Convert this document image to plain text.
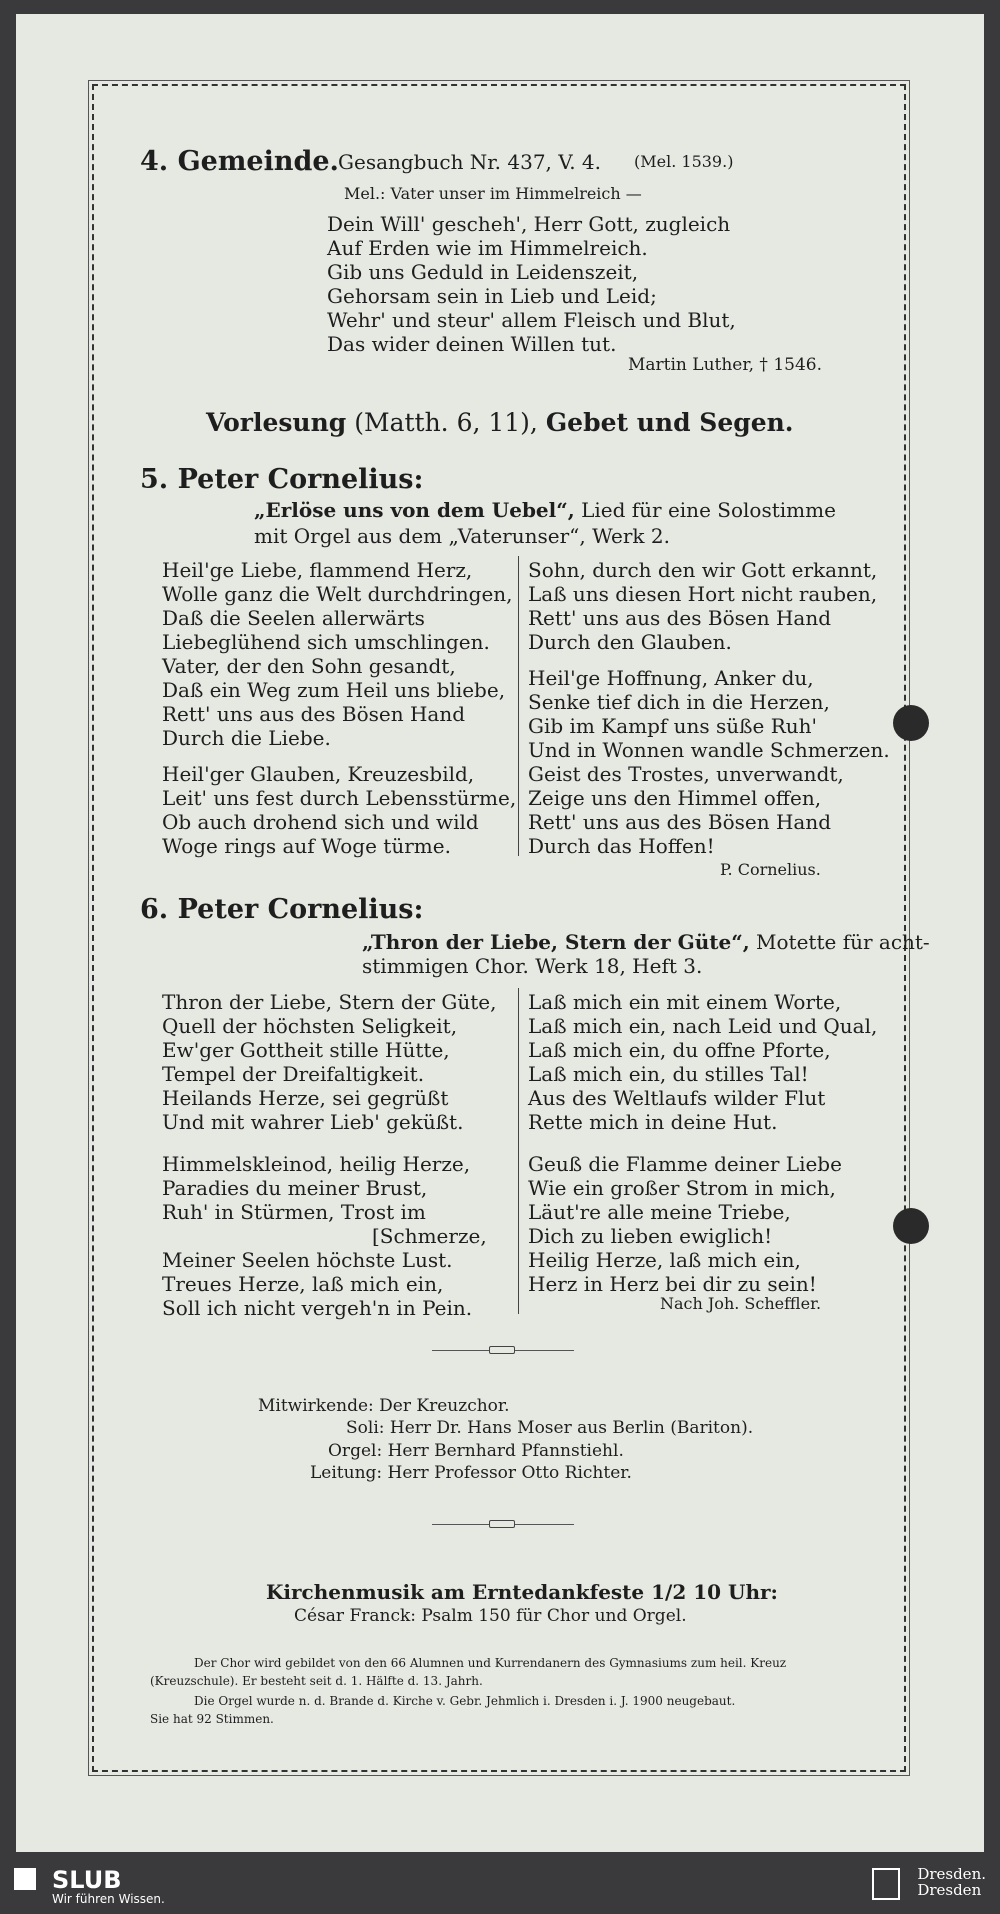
4. Gemeinde. Gesangbuch Nr. 437, V. 4. (Mel. 1539.)
Mel.: Vater unser im Himmelreich —
Dein Will' gescheh', Herr Gott, zugleich
Auf Erden wie im Himmelreich.
Gib uns Geduld in Leidenszeit,
Gehorsam sein in Lieb und Leid;
Wehr' und steur' allem Fleisch und Blut,
Das wider deinen Willen tut.
Martin Luther, † 1546.
Vorlesung (Matth. 6, 11), Gebet und Segen.
5. Peter Cornelius:
„Erlöse uns von dem Uebel“, Lied für eine Solostimme
mit Orgel aus dem „Vaterunser“, Werk 2.
Heil'ge Liebe, flammend Herz,
Wolle ganz die Welt durchdringen,
Daß die Seelen allerwärts
Liebeglühend sich umschlingen.
Vater, der den Sohn gesandt,
Daß ein Weg zum Heil uns bliebe,
Rett' uns aus des Bösen Hand
Durch die Liebe.
Heil'ger Glauben, Kreuzesbild,
Leit' uns fest durch Lebensstürme,
Ob auch drohend sich und wild
Woge rings auf Woge türme.
Sohn, durch den wir Gott erkannt,
Laß uns diesen Hort nicht rauben,
Rett' uns aus des Bösen Hand
Durch den Glauben.
Heil'ge Hoffnung, Anker du,
Senke tief dich in die Herzen,
Gib im Kampf uns süße Ruh'
Und in Wonnen wandle Schmerzen.
Geist des Trostes, unverwandt,
Zeige uns den Himmel offen,
Rett' uns aus des Bösen Hand
Durch das Hoffen!
P. Cornelius.
6. Peter Cornelius:
„Thron der Liebe, Stern der Güte“, Motette für acht-
stimmigen Chor. Werk 18, Heft 3.
Thron der Liebe, Stern der Güte,
Quell der höchsten Seligkeit,
Ew'ger Gottheit stille Hütte,
Tempel der Dreifaltigkeit.
Heilands Herze, sei gegrüßt
Und mit wahrer Lieb' geküßt.
Himmelskleinod, heilig Herze,
Paradies du meiner Brust,
Ruh' in Stürmen, Trost im
[Schmerze,
Meiner Seelen höchste Lust.
Treues Herze, laß mich ein,
Soll ich nicht vergeh'n in Pein.
Laß mich ein mit einem Worte,
Laß mich ein, nach Leid und Qual,
Laß mich ein, du offne Pforte,
Laß mich ein, du stilles Tal!
Aus des Weltlaufs wilder Flut
Rette mich in deine Hut.
Geuß die Flamme deiner Liebe
Wie ein großer Strom in mich,
Läut're alle meine Triebe,
Dich zu lieben ewiglich!
Heilig Herze, laß mich ein,
Herz in Herz bei dir zu sein!
Nach Joh. Scheffler.
Mitwirkende: Der Kreuzchor.
Soli: Herr Dr. Hans Moser aus Berlin (Bariton).
Orgel: Herr Bernhard Pfannstiehl.
Leitung: Herr Professor Otto Richter.
Kirchenmusik am Erntedankfeste 1/2 10 Uhr:
César Franck: Psalm 150 für Chor und Orgel.
Der Chor wird gebildet von den 66 Alumnen und Kurrendanern des Gymnasiums zum heil. Kreuz
(Kreuzschule). Er besteht seit d. 1. Hälfte d. 13. Jahrh.
Die Orgel wurde n. d. Brande d. Kirche v. Gebr. Jehmlich i. Dresden i. J. 1900 neugebaut.
Sie hat 92 Stimmen.
SLUB
Wir führen Wissen.
Dresden.
Dresden
